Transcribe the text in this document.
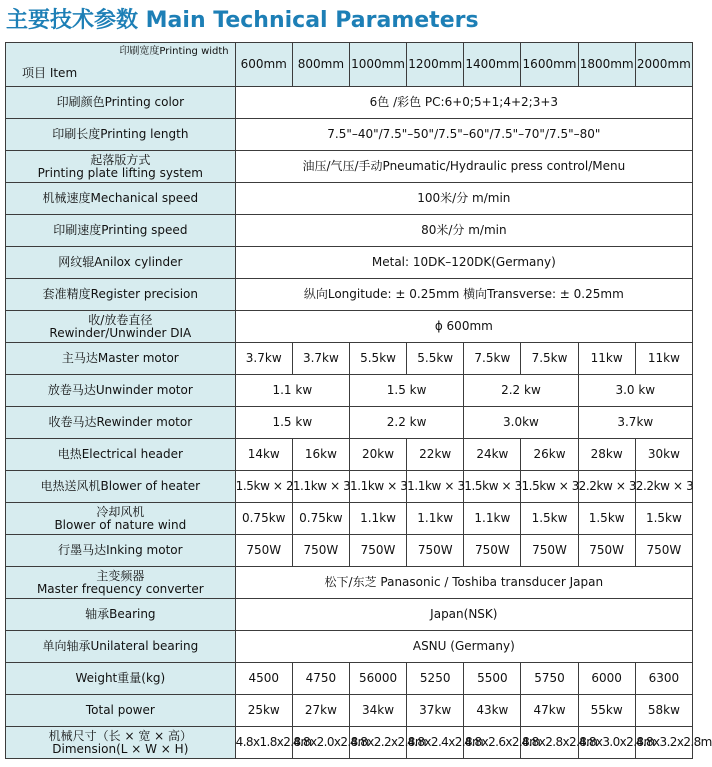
主要技术参数 Main Technical Parameters
印刷宽度Printing width
项目 Item	600mm	800mm	1000mm	1200mm	1400mm	1600mm	1800mm	2000mm
印刷颜色Printing color	6色 /彩色 PC:6+0;5+1;4+2;3+3							
印刷长度Printing length	7.5"–40"/7.5"–50"/7.5"–60"/7.5"–70"/7.5"–80"							

起落版方式
Printing plate lifting system	油压/气压/手动Pneumatic/Hydraulic press control/Menu							
机械速度Mechanical speed	100米/分 m/min							
印刷速度Printing speed	80米/分 m/min							
网纹辊Anilox cylinder	Metal: 10DK–120DK(Germany)							
套准精度Register precision	纵向Longitude: ± 0.25mm 横向Transverse: ± 0.25mm							

收/放卷直径
Rewinder/Unwinder DIA	ϕ 600mm							
主马达Master motor	3.7kw	3.7kw	5.5kw	5.5kw	7.5kw	7.5kw	11kw	11kw
放卷马达Unwinder motor	1.1 kw		1.5 kw		2.2 kw		3.0 kw	
收卷马达Rewinder motor	1.5 kw		2.2 kw		3.0kw		3.7kw	
电热Electrical header	14kw	16kw	20kw	22kw	24kw	26kw	28kw	30kw
电热送风机Blower of heater	1.5kw × 2	1.1kw × 3	1.1kw × 3	1.1kw × 3	1.5kw × 3	1.5kw × 3	2.2kw × 3	2.2kw × 3

冷却风机
Blower of nature wind	0.75kw	0.75kw	1.1kw	1.1kw	1.1kw	1.5kw	1.5kw	1.5kw
行墨马达Inking motor	750W	750W	750W	750W	750W	750W	750W	750W

主变频器
Master frequency converter	松下/东芝 Panasonic / Toshiba transducer Japan							
轴承Bearing	Japan(NSK)							
单向轴承Unilateral bearing	ASNU (Germany)							
Weight重量(kg)	4500	4750	56000	5250	5500	5750	6000	6300
Total power	25kw	27kw	34kw	37kw	43kw	47kw	55kw	58kw

机械尺寸（长 × 宽 × 高）
Dimension(L × W × H)	4.8x1.8x2.8m	4.8x2.0x2.8m	4.8x2.2x2.8m	4.8x2.4x2.8m	4.8x2.6x2.8m	4.8x2.8x2.8m	4.8x3.0x2.8m	4.8x3.2x2.8m
